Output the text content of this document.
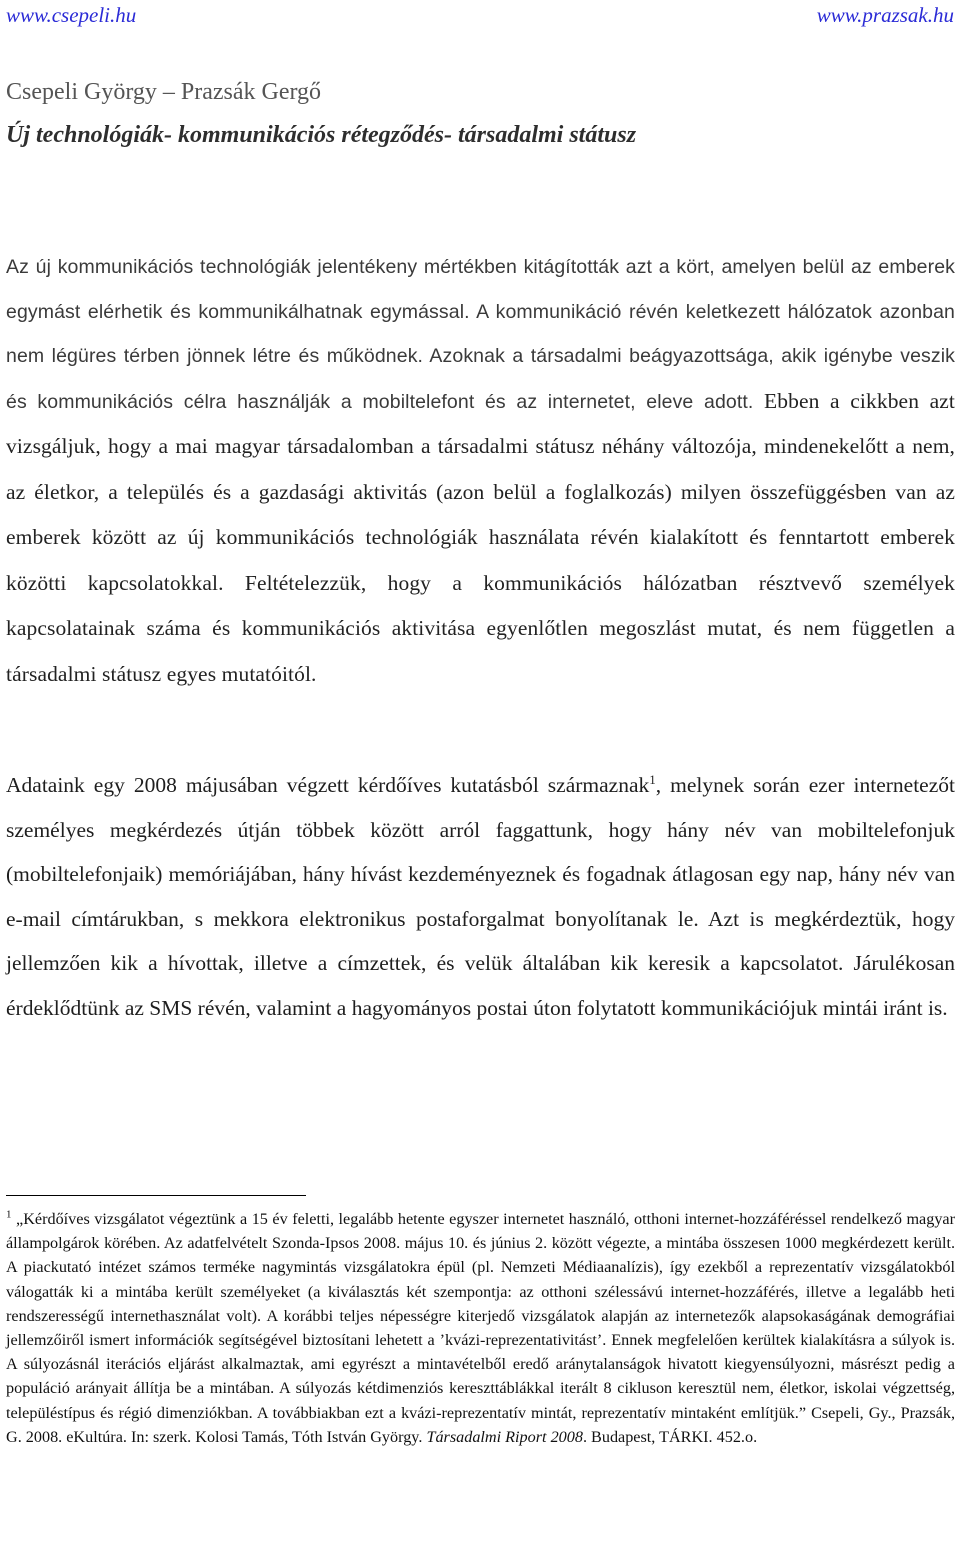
www.csepeli.hu	www.prazsak.hu
Csepeli György – Prazsák Gergő
Új technológiák- kommunikációs rétegződés- társadalmi státusz

Az új kommunikációs technológiák jelentékeny mértékben kitágították azt a kört, amelyen belül az emberek egymást elérhetik és kommunikálhatnak egymással. A kommunikáció révén keletkezett hálózatok azonban nem légüres térben jönnek létre és működnek. Azoknak a társadalmi beágyazottsága, akik igénybe veszik és kommunikációs célra használják a mobiltelefont és az internetet, eleve adott. Ebben a cikkben azt vizsgáljuk, hogy a mai magyar társadalomban a társadalmi státusz néhány változója, mindenekelőtt a nem, az életkor, a település és a gazdasági aktivitás (azon belül a foglalkozás) milyen összefüggésben van az emberek között az új kommunikációs technológiák használata révén kialakított és fenntartott emberek közötti kapcsolatokkal. Feltételezzük, hogy a kommunikációs hálózatban résztvevő személyek kapcsolatainak száma és kommunikációs aktivitása egyenlőtlen megoszlást mutat, és nem független a társadalmi státusz egyes mutatóitól.

Adataink egy 2008 májusában végzett kérdőíves kutatásból származnak$^1$, melynek során ezer internetezőt személyes megkérdezés útján többek között arról faggattunk, hogy hány név van mobiltelefonjuk (mobiltelefonjaik) memóriájában, hány hívást kezdeményeznek és fogadnak átlagosan egy nap, hány név van e-mail címtárukban, s mekkora elektronikus postaforgalmat bonyolítanak le. Azt is megkérdeztük, hogy jellemzően kik a hívottak, illetve a címzettek, és velük általában kik keresik a kapcsolatot. Járulékosan érdeklődtünk az SMS révén, valamint a hagyományos postai úton folytatott kommunikációjuk mintái iránt is.

$^1$ „Kérdőíves vizsgálatot végeztünk a 15 év feletti, legalább hetente egyszer internetet használó, otthoni internet-hozzáféréssel rendelkező magyar állampolgárok körében. Az adatfelvételt Szonda-Ipsos 2008. május 10. és június 2. között végezte, a mintába összesen 1000 megkérdezett került. A piackutató intézet számos terméke nagymintás vizsgálatokra épül (pl. Nemzeti Médiaanalízis), így ezekből a reprezentatív vizsgálatokból válogatták ki a mintába került személyeket (a kiválasztás két szempontja: az otthoni szélessávú internet-hozzáférés, illetve a legalább heti rendszerességű internethasználat volt). A korábbi teljes népességre kiterjedő vizsgálatok alapján az internetezők alapsokaságának demográfiai jellemzőiről ismert információk segítségével biztosítani lehetett a ’kvázi-reprezentativitást’. Ennek megfelelően kerültek kialakításra a súlyok is. A súlyozásnál iterációs eljárást alkalmaztak, ami egyrészt a mintavételből eredő aránytalanságok hivatott kiegyensúlyozni, másrészt pedig a populáció arányait állítja be a mintában. A súlyozás kétdimenziós kereszttáblákkal iterált 8 cikluson keresztül nem, életkor, iskolai végzettség, településtípus és régió dimenziókban. A továbbiakban ezt a kvázi-reprezentatív mintát, reprezentatív mintaként említjük.” Csepeli, Gy., Prazsák, G. 2008. eKultúra. In: szerk. Kolosi Tamás, Tóth István György. Társadalmi Riport 2008. Budapest, TÁRKI. 452.o.
